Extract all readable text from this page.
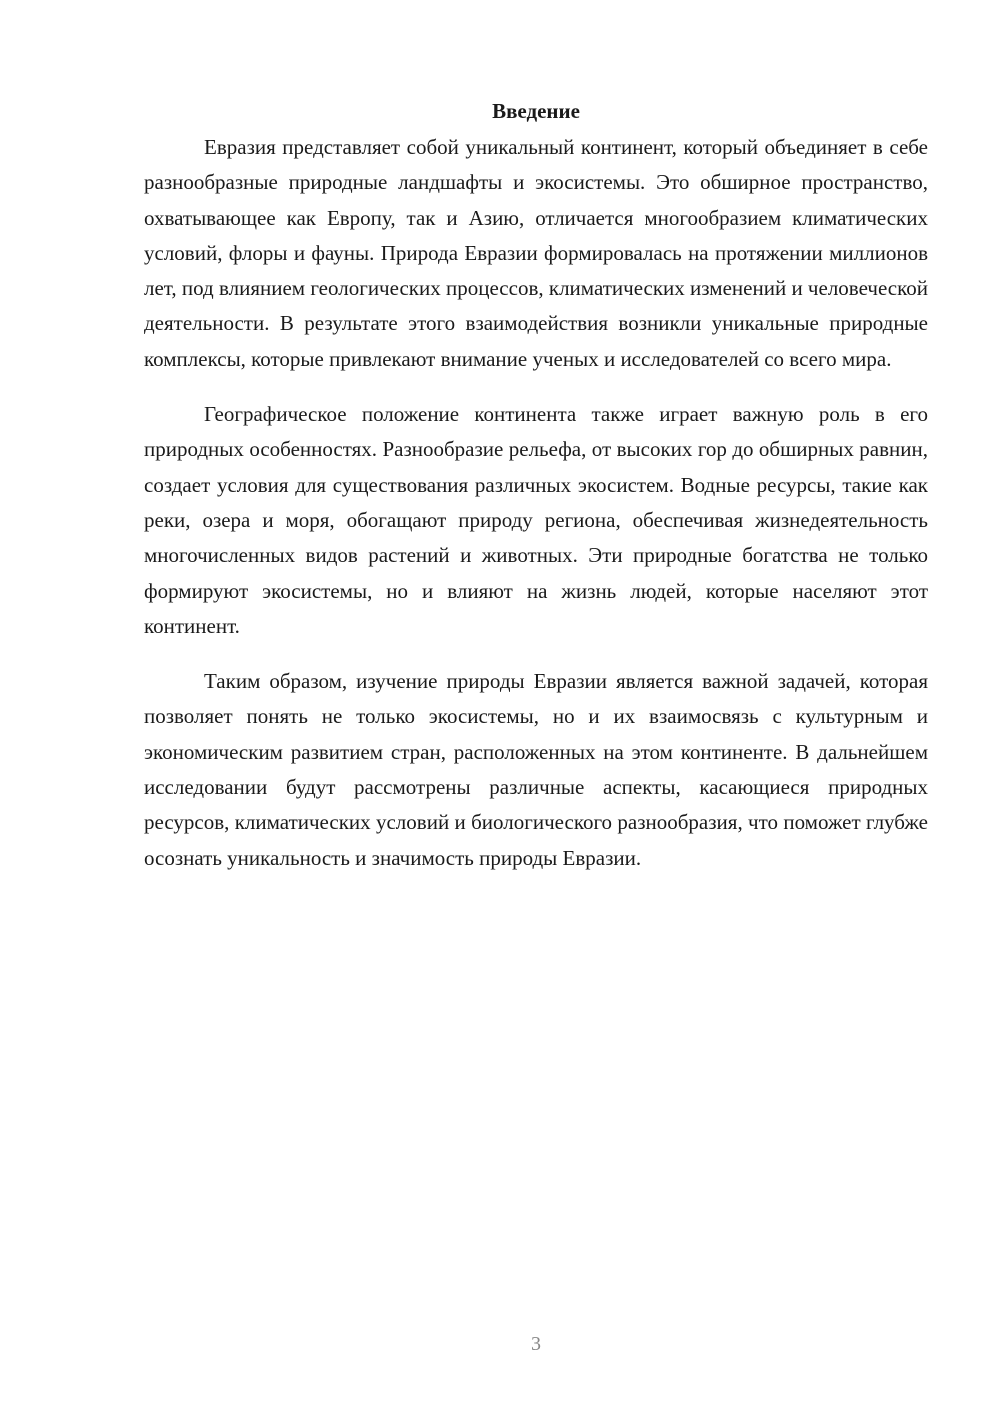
Введение

Евразия представляет собой уникальный континент, который объединяет в себе разнообразные природные ландшафты и экосистемы. Это обширное пространство, охватывающее как Европу, так и Азию, отличается многообразием климатических условий, флоры и фауны. Природа Евразии формировалась на протяжении миллионов лет, под влиянием геологических процессов, климатических изменений и человеческой деятельности. В результате этого взаимодействия возникли уникальные природные комплексы, которые привлекают внимание ученых и исследователей со всего мира.

Географическое положение континента также играет важную роль в его природных особенностях. Разнообразие рельефа, от высоких гор до обширных равнин, создает условия для существования различных экосистем. Водные ресурсы, такие как реки, озера и моря, обогащают природу региона, обеспечивая жизнедеятельность многочисленных видов растений и животных. Эти природные богатства не только формируют экосистемы, но и влияют на жизнь людей, которые населяют этот континент.

Таким образом, изучение природы Евразии является важной задачей, которая позволяет понять не только экосистемы, но и их взаимосвязь с культурным и экономическим развитием стран, расположенных на этом континенте. В дальнейшем исследовании будут рассмотрены различные аспекты, касающиеся природных ресурсов, климатических условий и биологического разнообразия, что поможет глубже осознать уникальность и значимость природы Евразии.

3
